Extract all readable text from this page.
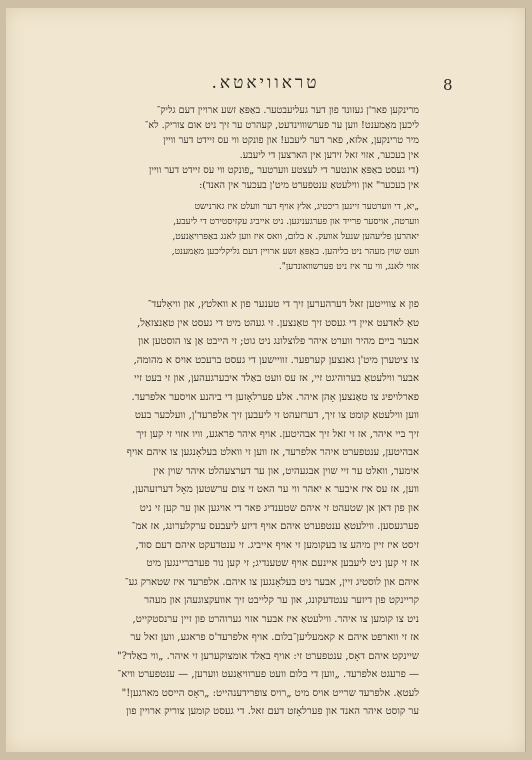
8
טראוויאטא.
מרינקען פאר'ן געזונד פון דער געליעבטער. באַפּאַ זשע ארויין דעם גליק־
ליכען מאַמענט! ווען ער פערשוווינדעט, קעהרט ער זיך ניט אום צוריק. לא־
מיר טרינקען, אלזא, פאר דער ליעבע! און פונקט ווי עס זיידט דער וויין
אין בעכער, אזוי זאל זידען אין הארצען די ליעבע.
(די געסט באַפּאַ אונטער די לעצטע ווערטער „פונקט ווי עס זיידט דער וויין
אין בעכער" און ווילעטאַ ענטפערט מיט'ן בעכער אין האנד):
„יא, די ווערטער זיינען ריכטיג, אלץ אויף דער וועלט איז גארנישט
ווערטה, אויסער פרייד און פערגעניגען. ניט אייביג עקזיסטירט די ליעבע,
יאהרען פליעהען שנעל אוועק. א בלום, וואס איז ווען לאנג באַפּרויאַנעט,
וועט שוין מעהר ניט בליהען. באַפּאַ זשע ארויין דעם גליקליכען מאַמענט,
אזוי לאנג, ווי ער איז ניט פערשוואונדען".
פון א צווייטען זאל דערהערען זיך די טענער פון א וואלטץ, און וויאָלעד־
טאַ לאדעט איין די געסט זיך טאַנצען. זי געהט מיט די געסט אין טאַנצזאַל,
אבער ביים מהיר ווערט איהר פלוצלונג ניט גוט; זי הייבט אַן צו הוסטען און
צו ציטערן מיט'ן גאנצען קערפער. זוויישען די געסט ברעכט אויס א מהומה,
אבער ווילעטאַ בערוהיגט זיי, אז עס וועט באַלד איבערגעהען, און זי בעט זיי
פארלויפיג צו טאַנצען אָהן איהר. אלע פערלאָזען די ביהנע אויסער אלפרעד.
ווען ווילעטאַ קומט צו זיך, דערזעהט זי ליעבען זיך אלפרעד'ן, וועלכער בעט
זיך ביי איהר, אז זי זאל זיך אבהיטען. אויף איהר פראגע, וויו אזוי זי קען זיך
אבהיטען, ענטפערט איהר אלפרעד, אז ווען זי וואלט בעלאָנגען צו איהם אויף
אימער, וואלט ער זיי שוין אבגעהיט, און ער דערצעהלט איהר שוין אין
ווען, אז עס איז איבער א יאהר ווי ער האט זי צום ערשטען מאָל דערזעהען,
און פון דאן אן שטעהט זי איהם שטענדיג פאר די אויגען און ער קען זי ניט
פערגעסען. ווילעטאַ ענטפערט איהם אויף דיזע ליעבעס ערקלערונג, אז אמ־
זיסט איז זיין מיהע צו בעקומען זי אויף אייביג. זי ענטדעקט איהם דעם סוד,
אז זי קען ניט ליעבען איינעם אויף שטענדיג; זי קען נור פערבריינגען מיט
איהם און לוסטיג זיין, אבער ניט בעלאָנגען צו איהם. אלפרעד איז שטארק גע־
קריינקט פון דיזער ענטדעקונג, און ער קלייבט זיך אוועקצוגעהן און מעהר
ניט צו קומען צו איהר. ווילעטאַ איז אבער אזוי גערוהרט פון זיין ערנסטקייט,
אז זי ווארפט איהם א קאמעליען־בלום. אויף אלפרעד'ס פראגע, ווען זאל ער
שיינקט איהם דאָס, ענטפערט זי: אויף באַלד אומצוקערען זי איהר. „ווי באַלד?"
— פרעגט אלפרעד. „ווען די בלום וועט פערוויאַנעט ווערען, — ענטפערט וויא־
לעטאַ. אלפרעד שרייט אויס מיט „רויס צופרידענהייט: „ראָס הייסט מארגען!"
ער קוסט איהר האנד און פערלאָזט דעם זאל. די געסט קומען צוריק ארויין פון
